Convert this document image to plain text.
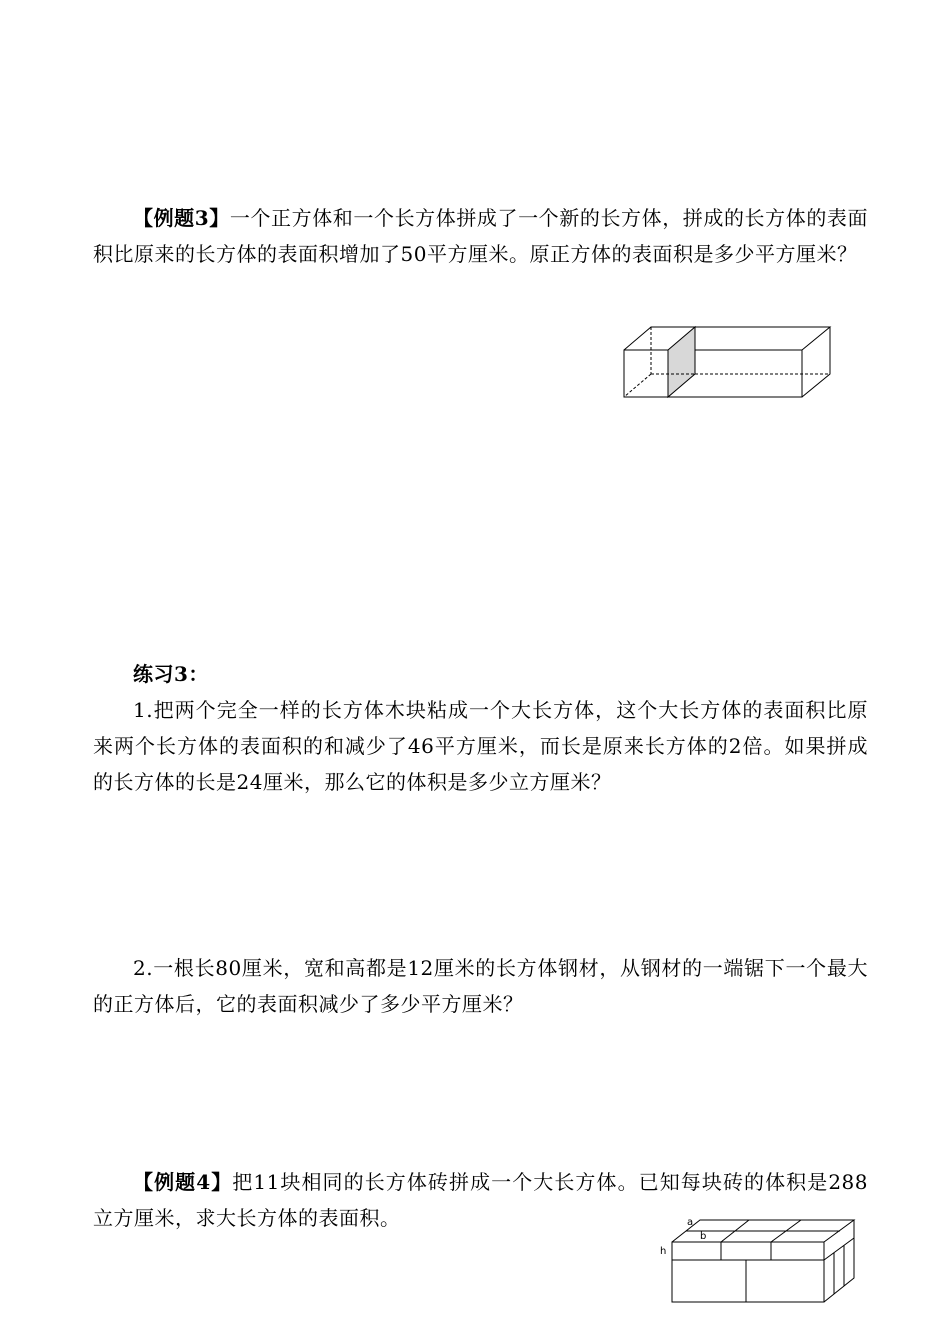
【例题3】一个正方体和一个长方体拼成了一个新的长方体，拼成的长方体的表面积比原来的长方体的表面积增加了50平方厘米。原正方体的表面积是多少平方厘米？

练习3：

1.把两个完全一样的长方体木块粘成一个大长方体，这个大长方体的表面积比原来两个长方体的表面积的和减少了46平方厘米，而长是原来长方体的2倍。如果拼成的长方体的长是24厘米，那么它的体积是多少立方厘米？

2.一根长80厘米，宽和高都是12厘米的长方体钢材，从钢材的一端锯下一个最大的正方体后，它的表面积减少了多少平方厘米？

【例题4】把11块相同的长方体砖拼成一个大长方体。已知每块砖的体积是288立方厘米，求大长方体的表面积。	a
b
h
